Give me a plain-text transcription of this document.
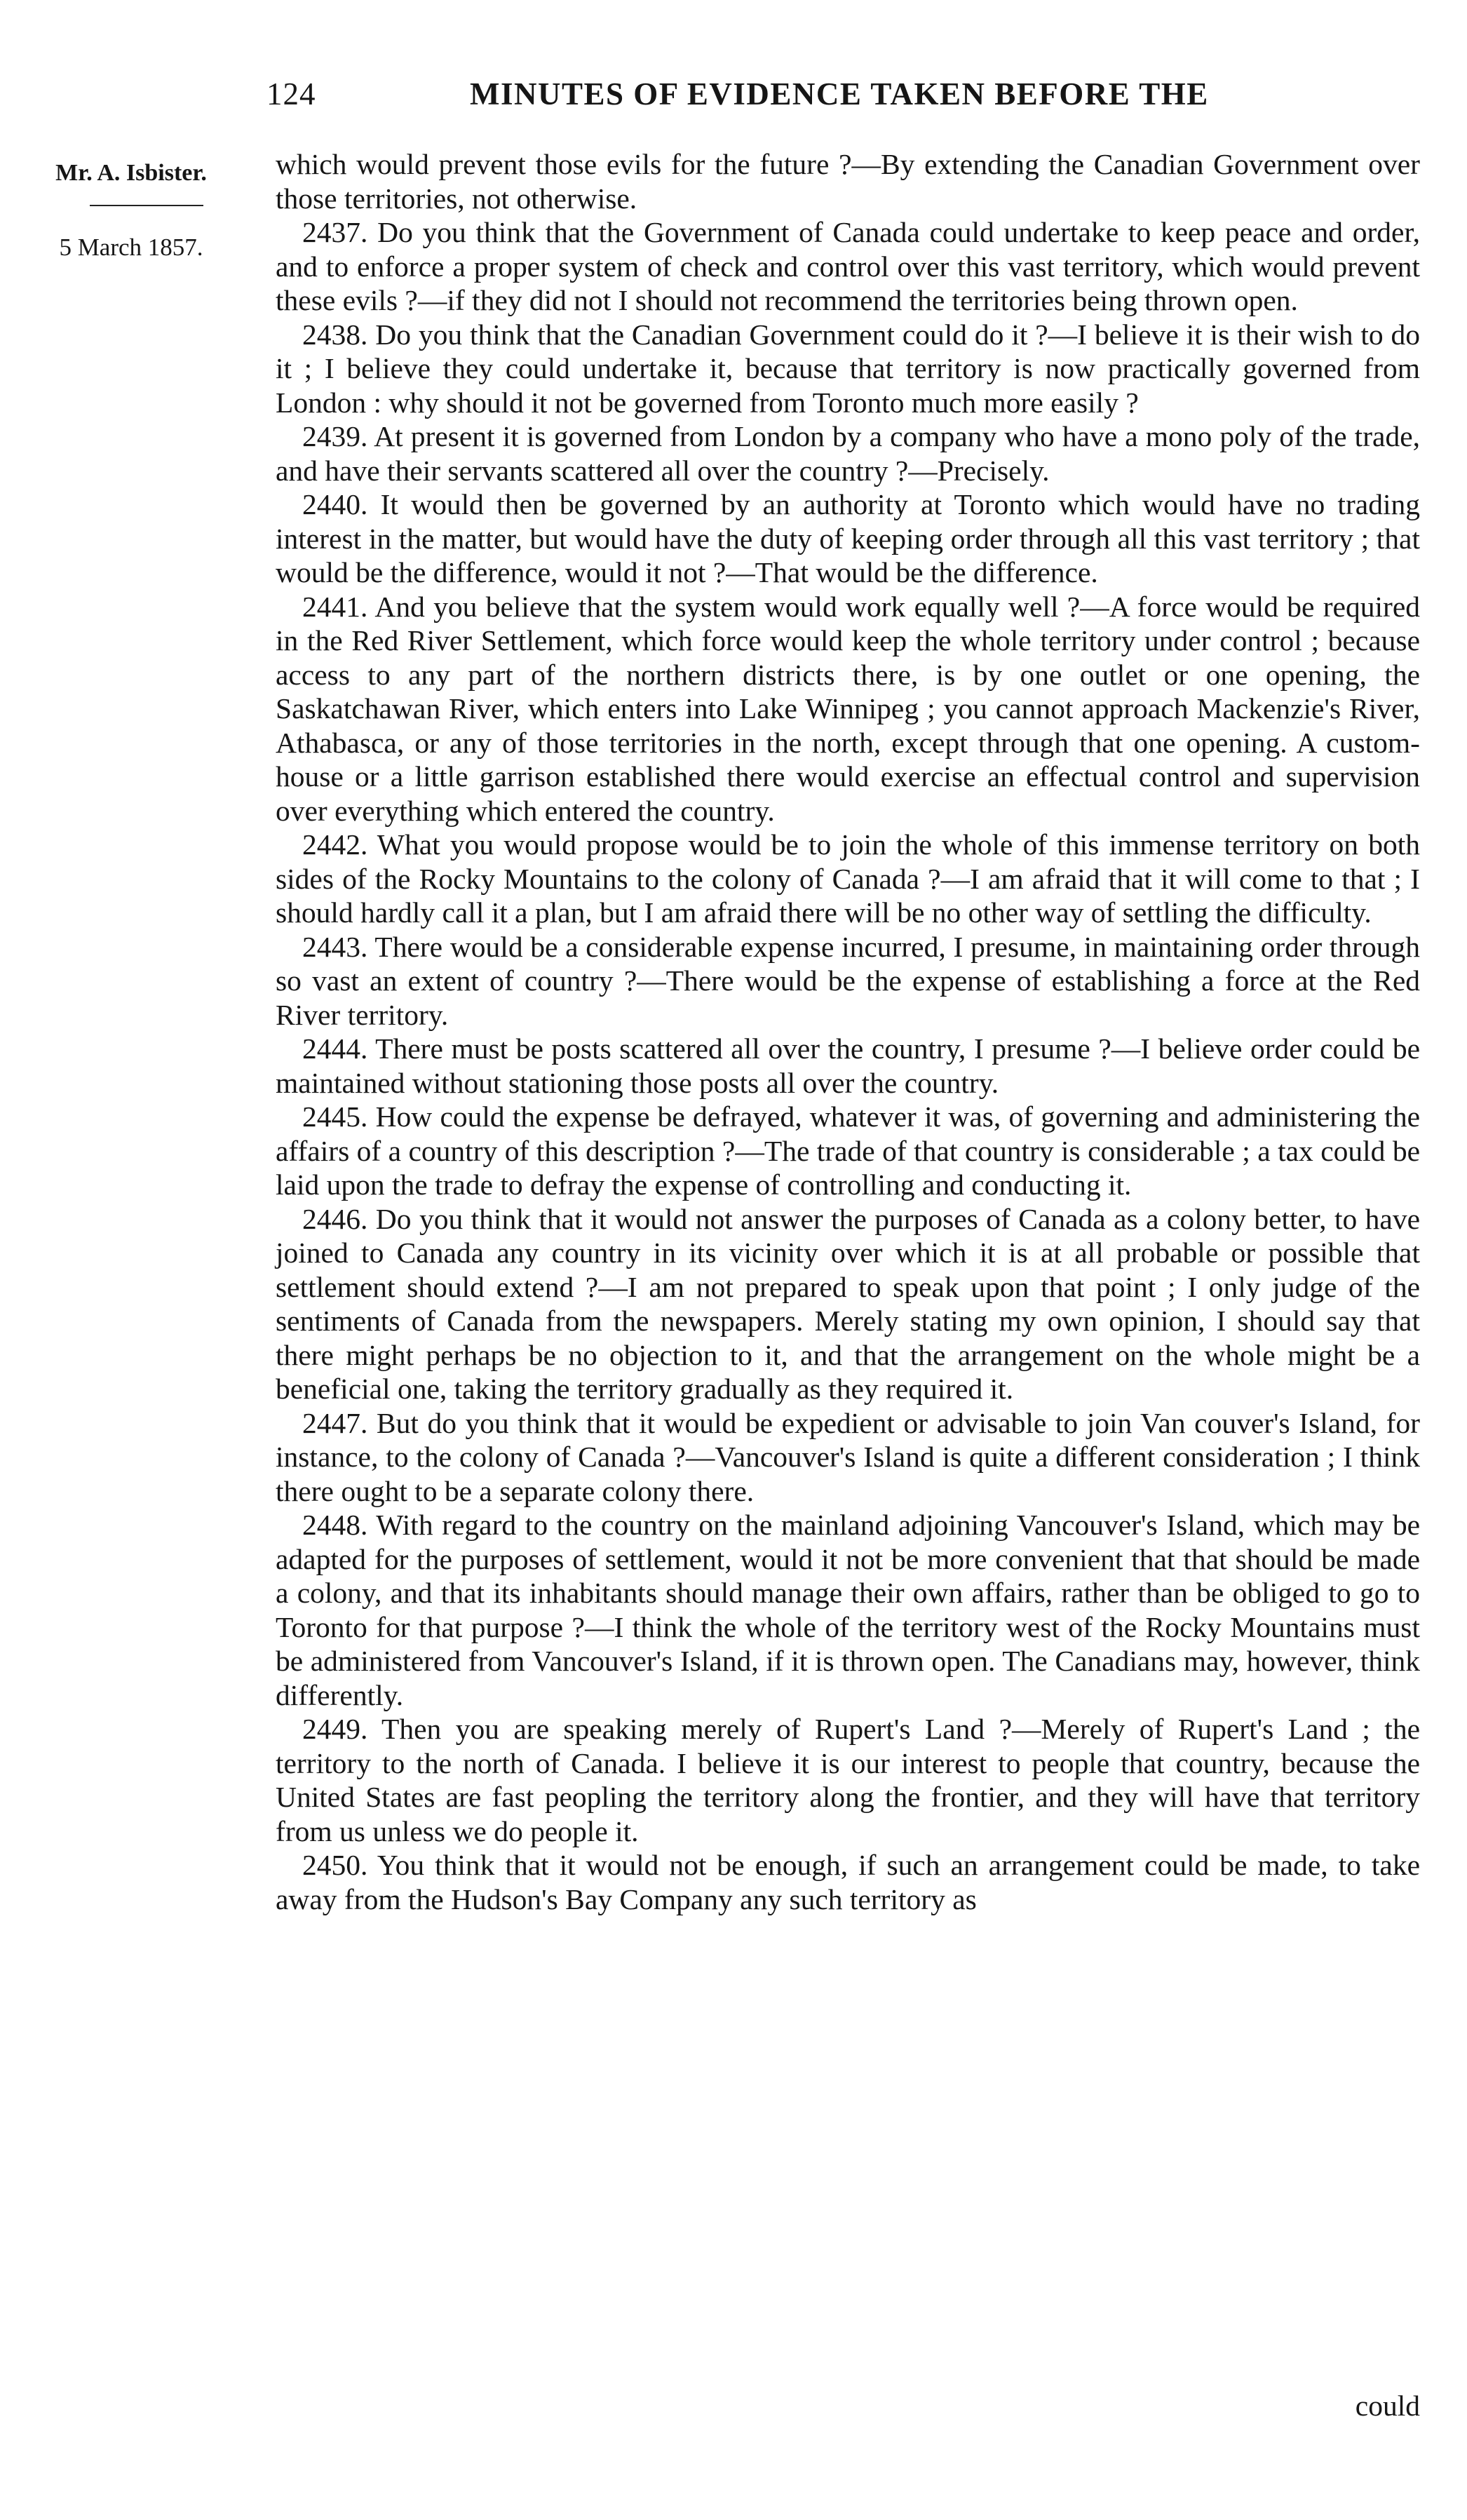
124	MINUTES OF EVIDENCE TAKEN BEFORE THE
Mr. A. Isbister.
5 March 1857.

which would prevent those evils for the future ?—By extending the Canadian Government over those territories, not otherwise.

2437. Do you think that the Government of Canada could undertake to keep peace and order, and to enforce a proper system of check and control over this vast territory, which would prevent these evils ?—if they did not I should not recommend the territories being thrown open.

2438. Do you think that the Canadian Government could do it ?—I believe it is their wish to do it ; I believe they could undertake it, because that territory is now practically governed from London : why should it not be governed from Toronto much more easily ?

2439. At present it is governed from London by a company who have a mono poly of the trade, and have their servants scattered all over the country ?—Precisely.

2440. It would then be governed by an authority at Toronto which would have no trading interest in the matter, but would have the duty of keeping order through all this vast territory ; that would be the difference, would it not ?—That would be the difference.

2441. And you believe that the system would work equally well ?—A force would be required in the Red River Settlement, which force would keep the whole territory under control ; because access to any part of the northern districts there, is by one outlet or one opening, the Saskatchawan River, which enters into Lake Winnipeg ; you cannot approach Mackenzie's River, Athabasca, or any of those territories in the north, except through that one opening. A custom-house or a little garrison established there would exercise an effectual control and supervision over everything which entered the country.

2442. What you would propose would be to join the whole of this immense territory on both sides of the Rocky Mountains to the colony of Canada ?—I am afraid that it will come to that ; I should hardly call it a plan, but I am afraid there will be no other way of settling the difficulty.

2443. There would be a considerable expense incurred, I presume, in maintaining order through so vast an extent of country ?—There would be the expense of establishing a force at the Red River territory.

2444. There must be posts scattered all over the country, I presume ?—I believe order could be maintained without stationing those posts all over the country.

2445. How could the expense be defrayed, whatever it was, of governing and administering the affairs of a country of this description ?—The trade of that country is considerable ; a tax could be laid upon the trade to defray the expense of controlling and conducting it.

2446. Do you think that it would not answer the purposes of Canada as a colony better, to have joined to Canada any country in its vicinity over which it is at all probable or possible that settlement should extend ?—I am not prepared to speak upon that point ; I only judge of the sentiments of Canada from the newspapers. Merely stating my own opinion, I should say that there might perhaps be no objection to it, and that the arrangement on the whole might be a beneficial one, taking the territory gradually as they required it.

2447. But do you think that it would be expedient or advisable to join Van couver's Island, for instance, to the colony of Canada ?—Vancouver's Island is quite a different consideration ; I think there ought to be a separate colony there.

2448. With regard to the country on the mainland adjoining Vancouver's Island, which may be adapted for the purposes of settlement, would it not be more convenient that that should be made a colony, and that its inhabitants should manage their own affairs, rather than be obliged to go to Toronto for that purpose ?—I think the whole of the territory west of the Rocky Mountains must be administered from Vancouver's Island, if it is thrown open. The Canadians may, however, think differently.

2449. Then you are speaking merely of Rupert's Land ?—Merely of Rupert's Land ; the territory to the north of Canada. I believe it is our interest to people that country, because the United States are fast peopling the territory along the frontier, and they will have that territory from us unless we do people it.

2450. You think that it would not be enough, if such an arrangement could be made, to take away from the Hudson's Bay Company any such territory as

could
